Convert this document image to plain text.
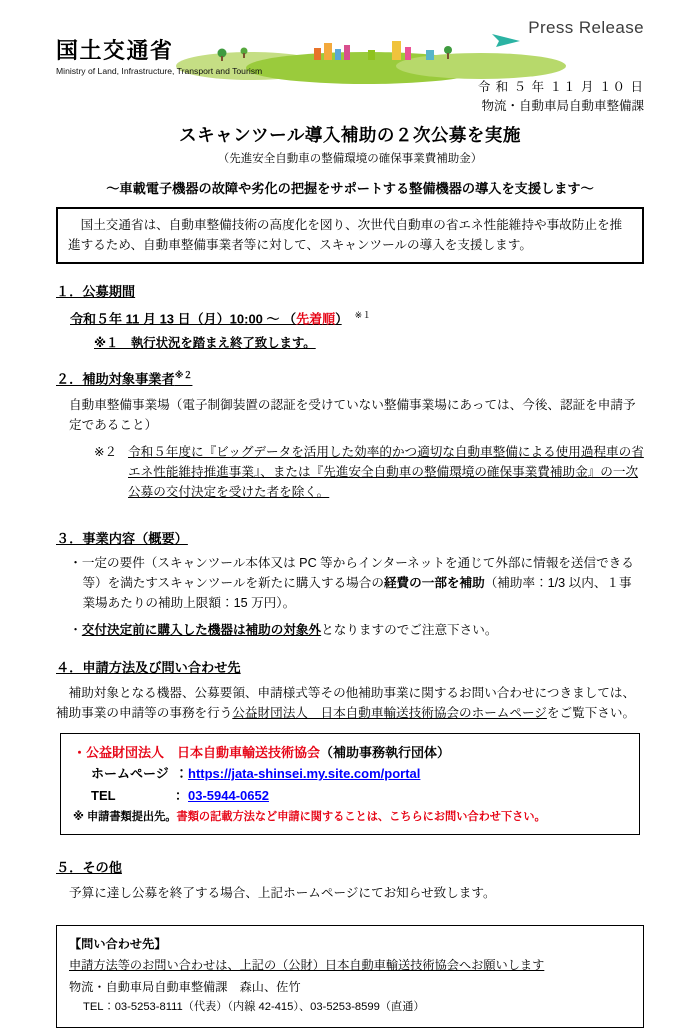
Press Release
国土交通省
Ministry of Land, Infrastructure, Transport and Tourism
令 和 ５ 年 １１ 月 １０ 日
物流・自動車局自動車整備課
スキャンツール導入補助の２次公募を実施
（先進安全自動車の整備環境の確保事業費補助金）
～車載電子機器の故障や劣化の把握をサポートする整備機器の導入を支援します～

国土交通省は、自動車整備技術の高度化を図り、次世代自動車の省エネ性能維持や事故防止を推進するため、自動車整備事業者等に対して、スキャンツールの導入を支援します。

１．公募期間

令和５年 11 月 13 日（月）10:00 ～ （先着順）　 $^{※1}$

※１　執行状況を踏まえ終了致します。

２．補助対象事業者$^{※2}$

自動車整備事業場（電子制御装置の認証を受けていない整備事業場にあっては、今後、認証を申請予定であること）

※２ 令和５年度に『ビッグデータを活用した効率的かつ適切な自動車整備による使用過程車の省エネ性能維持推進事業』、または『先進安全自動車の整備環境の確保事業費補助金』の一次公募の交付決定を受けた者を除く。

３．事業内容（概要）

・一定の要件（スキャンツール本体又は PC 等からインターネットを通じて外部に情報を送信できる等）を満たすスキャンツールを新たに購入する場合の経費の一部を補助（補助率：1/3 以内、１事業場あたりの補助上限額：15 万円）。

・交付決定前に購入した機器は補助の対象外となりますのでご注意下さい。

４．申請方法及び問い合わせ先

補助対象となる機器、公募要領、申請様式等その他補助事業に関するお問い合わせにつきましては、補助事業の申請等の事務を行う公益財団法人　日本自動車輸送技術協会のホームページをご覧下さい。

・公益財団法人　日本自動車輸送技術協会（補助事務執行団体）
ホームページ ：https://jata-shinsei.my.site.com/portal
TEL	：03-5944-0652
※ 申請書類提出先。書類の記載方法など申請に関することは、こちらにお問い合わせ下さい。
５．その他

予算に達し公募を終了する場合、上記ホームページにてお知らせ致します。

【問い合わせ先】
申請方法等のお問い合わせは、上記の（公財）日本自動車輸送技術協会へお願いします
物流・自動車局自動車整備課　森山、佐竹
TEL：03-5253-8111（代表）（内線 42-415）、03-5253-8599（直通）
